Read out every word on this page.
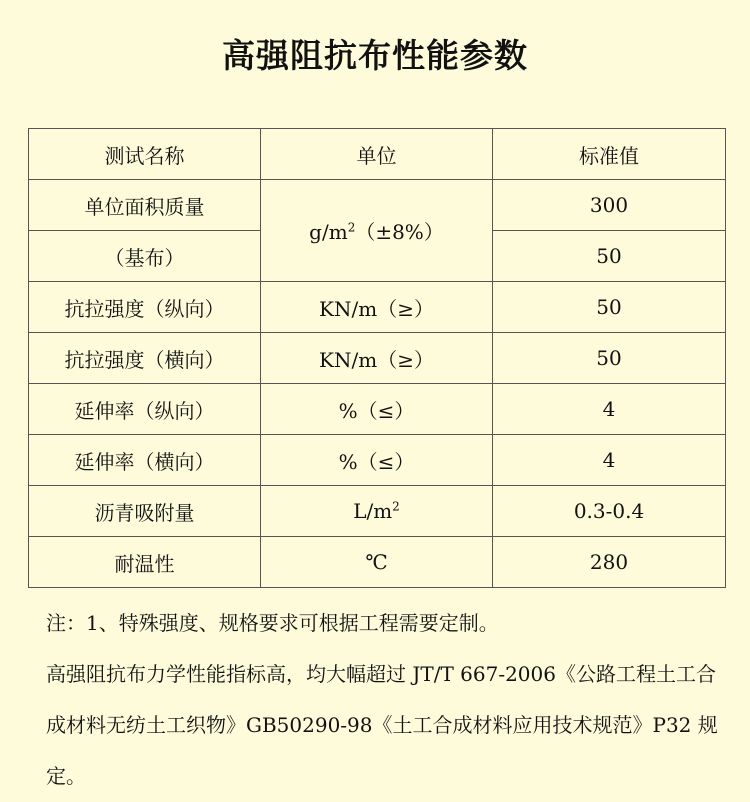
高强阻抗布性能参数
测试名称	单位	标准值
单位面积质量	$g/m^2(\pm 8\%)$	300
（基布）		50
抗拉强度（纵向）	KN/m（≥）	50
抗拉强度（横向）	KN/m（≥）	50
延伸率（纵向）	%（≤）	4
延伸率（横向）	%（≤）	4
沥青吸附量	$L/m^2$	0.3-0.4
耐温性	℃	280

注：1、特殊强度、规格要求可根据工程需要定制。

高强阻抗布力学性能指标高，均大幅超过 JT/T 667-2006《公路工程土工合成材料无纺土工织物》GB50290-98《土工合成材料应用技术规范》P32 规定。
